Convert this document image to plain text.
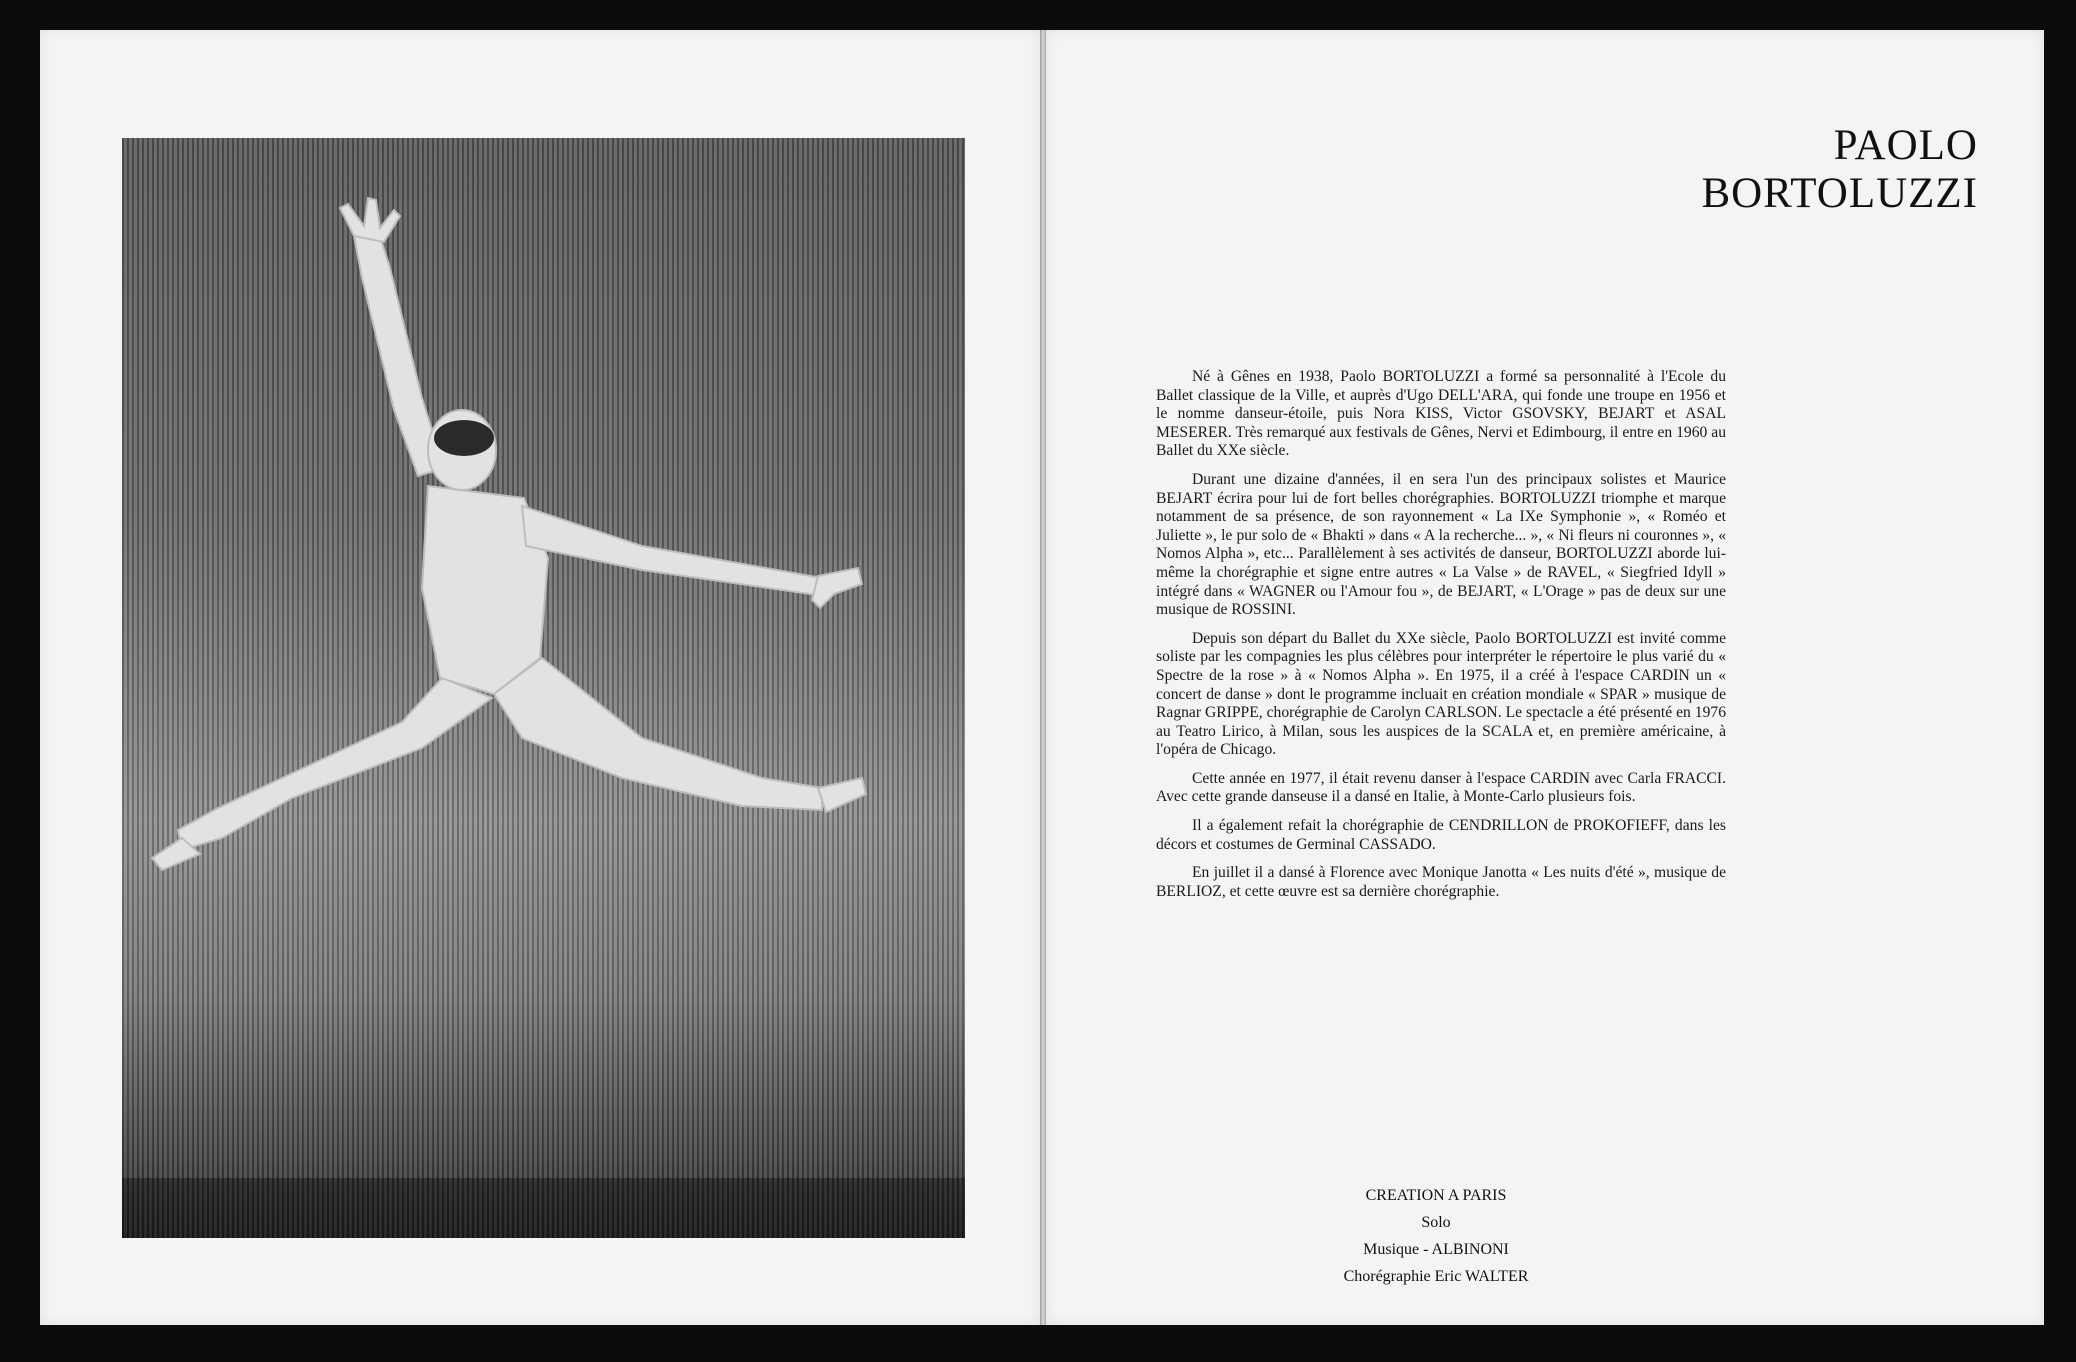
PAOLO
BORTOLUZZI

Né à Gênes en 1938, Paolo BORTOLUZZI a formé sa personnalité à l'Ecole du Ballet classique de la Ville, et auprès d'Ugo DELL'ARA, qui fonde une troupe en 1956 et le nomme danseur-étoile, puis Nora KISS, Victor GSOVSKY, BEJART et ASAL MESERER. Très remarqué aux festivals de Gênes, Nervi et Edimbourg, il entre en 1960 au Ballet du XXe siècle.

Durant une dizaine d'années, il en sera l'un des principaux solistes et Maurice BEJART écrira pour lui de fort belles chorégraphies. BORTOLUZZI triomphe et marque notamment de sa présence, de son rayonnement « La IXe Symphonie », « Roméo et Juliette », le pur solo de « Bhakti » dans « A la recherche... », « Ni fleurs ni couronnes », « Nomos Alpha », etc... Parallèlement à ses activités de danseur, BORTOLUZZI aborde lui-même la chorégraphie et signe entre autres « La Valse » de RAVEL, « Siegfried Idyll » intégré dans « WAGNER ou l'Amour fou », de BEJART, « L'Orage » pas de deux sur une musique de ROSSINI.

Depuis son départ du Ballet du XXe siècle, Paolo BORTOLUZZI est invité comme soliste par les compagnies les plus célèbres pour interpréter le répertoire le plus varié du « Spectre de la rose » à « Nomos Alpha ». En 1975, il a créé à l'espace CARDIN un « concert de danse » dont le programme incluait en création mondiale « SPAR » musique de Ragnar GRIPPE, chorégraphie de Carolyn CARLSON. Le spectacle a été présenté en 1976 au Teatro Lirico, à Milan, sous les auspices de la SCALA et, en première américaine, à l'opéra de Chicago.

Cette année en 1977, il était revenu danser à l'espace CARDIN avec Carla FRACCI. Avec cette grande danseuse il a dansé en Italie, à Monte-Carlo plusieurs fois.

Il a également refait la chorégraphie de CENDRILLON de PROKOFIEFF, dans les décors et costumes de Germinal CASSADO.

En juillet il a dansé à Florence avec Monique Janotta « Les nuits d'été », musique de BERLIOZ, et cette œuvre est sa dernière chorégraphie.

CREATION A PARIS
Solo
Musique - ALBINONI
Chorégraphie Eric WALTER
